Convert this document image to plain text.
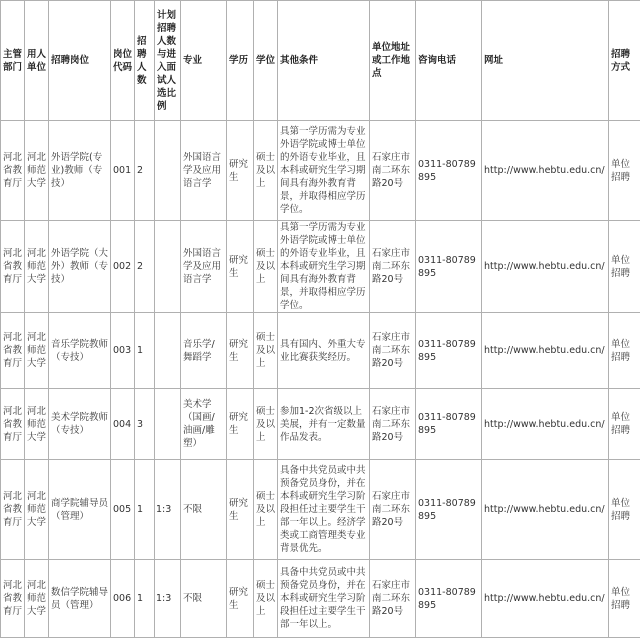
主管部门	用人单位	招聘岗位	岗位代码	招聘人数	计划招聘人数与进入面试人选比例	专业	学历	学位	其他条件	单位地址或工作地点	咨询电话	网址	招聘方式
河北省教育厅	河北师范大学	外语学院(专业)教师（专技）	001	2		外国语言学及应用语言学	研究生	硕士及以上	具第一学历需为专业外语学院或博士单位的外语专业毕业，且本科或研究生学习期间具有海外教育背景，并取得相应学历学位。	石家庄市南二环东路20号	0311-80789895	http://www.hebtu.edu.cn/	单位招聘
河北省教育厅	河北师范大学	外语学院（大外）教师（专技）	002	2		外国语言学及应用语言学	研究生	硕士及以上	具第一学历需为专业外语学院或博士单位的外语专业毕业，且本科或研究生学习期间具有海外教育背景，并取得相应学历学位。	石家庄市南二环东路20号	0311-80789895	http://www.hebtu.edu.cn/	单位招聘
河北省教育厅	河北师范大学	音乐学院教师（专技）	003	1		音乐学/舞蹈学	研究生	硕士及以上	具有国内、外重大专业比赛获奖经历。	石家庄市南二环东路20号	0311-80789895	http://www.hebtu.edu.cn/	单位招聘
河北省教育厅	河北师范大学	美术学院教师（专技）	004	3		美术学（国画/油画/雕塑）	研究生	硕士及以上	参加1-2次省级以上美展，并有一定数量作品发表。	石家庄市南二环东路20号	0311-80789895	http://www.hebtu.edu.cn/	单位招聘
河北省教育厅	河北师范大学	商学院辅导员（管理）	005	1	1:3	不限	研究生	硕士及以上	具备中共党员或中共预备党员身份，并在本科或研究生学习阶段担任过主要学生干部一年以上。经济学类或工商管理类专业背景优先。	石家庄市南二环东路20号	0311-80789895	http://www.hebtu.edu.cn/	单位招聘
河北省教育厅	河北师范大学	数信学院辅导员（管理）	006	1	1:3	不限	研究生	硕士及以上	具备中共党员或中共预备党员身份，并在本科或研究生学习阶段担任过主要学生干部一年以上。	石家庄市南二环东路20号	0311-80789895	http://www.hebtu.edu.cn/	单位招聘
